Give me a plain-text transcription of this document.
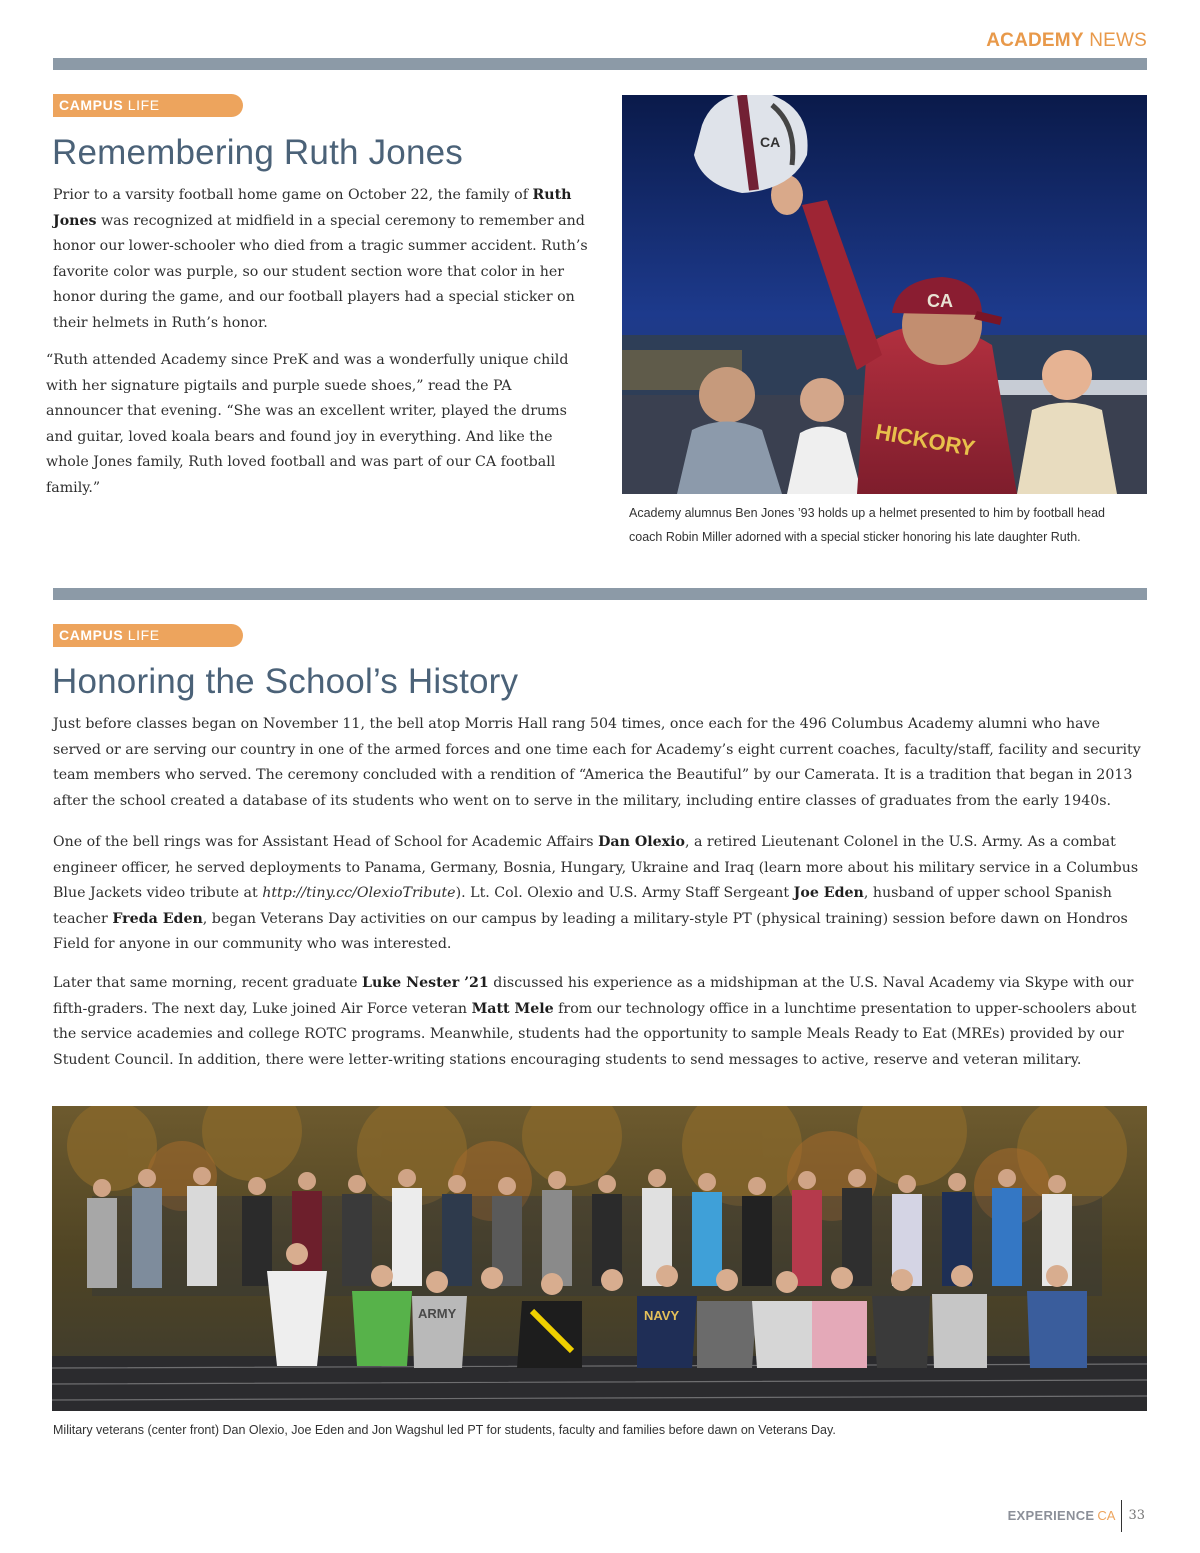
ACADEMY NEWS
CAMPUS LIFE
Remembering Ruth Jones

Prior to a varsity football home game on October 22, the family of Ruth Jones was recognized at midfield in a special ceremony to remember and honor our lower-schooler who died from a tragic summer accident. Ruth’s favorite color was purple, so our student section wore that color in her honor during the game, and our football players had a special sticker on their helmets in Ruth’s honor.

“Ruth attended Academy since PreK and was a wonderfully unique child with her signature pigtails and purple suede shoes,” read the PA announcer that evening. “She was an excellent writer, played the drums and guitar, loved koala bears and found joy in everything. And like the whole Jones family, Ruth loved football and was part of our CA football family.”

CA
HICKORY
CA

Academy alumnus Ben Jones ’93 holds up a helmet presented to him by football head coach Robin Miller adorned with a special sticker honoring his late daughter Ruth.

CAMPUS LIFE
Honoring the School’s History

Just before classes began on November 11, the bell atop Morris Hall rang 504 times, once each for the 496 Columbus Academy alumni who have served or are serving our country in one of the armed forces and one time each for Academy’s eight current coaches, faculty/staff, facility and security team members who served. The ceremony concluded with a rendition of “America the Beautiful” by our Camerata. It is a tradition that began in 2013 after the school created a database of its students who went on to serve in the military, including entire classes of graduates from the early 1940s.

One of the bell rings was for Assistant Head of School for Academic Affairs Dan Olexio, a retired Lieutenant Colonel in the U.S. Army. As a combat engineer officer, he served deployments to Panama, Germany, Bosnia, Hungary, Ukraine and Iraq (learn more about his military service in a Columbus Blue Jackets video tribute at http://tiny.cc/OlexioTribute). Lt. Col. Olexio and U.S. Army Staff Sergeant Joe Eden, husband of upper school Spanish teacher Freda Eden, began Veterans Day activities on our campus by leading a military-style PT (physical training) session before dawn on Hondros Field for anyone in our community who was interested.

Later that same morning, recent graduate Luke Nester ’21 discussed his experience as a midshipman at the U.S. Naval Academy via Skype with our fifth-graders. The next day, Luke joined Air Force veteran Matt Mele from our technology office in a lunchtime presentation to upper-schoolers about the service academies and college ROTC programs. Meanwhile, students had the opportunity to sample Meals Ready to Eat (MREs) provided by our Student Council. In addition, there were letter-writing stations encouraging students to send messages to active, reserve and veteran military.

ARMY	NAVY

Military veterans (center front) Dan Olexio, Joe Eden and Jon Wagshul led PT for students, faculty and families before dawn on Veterans Day.

EXPERIENCE CA 33
